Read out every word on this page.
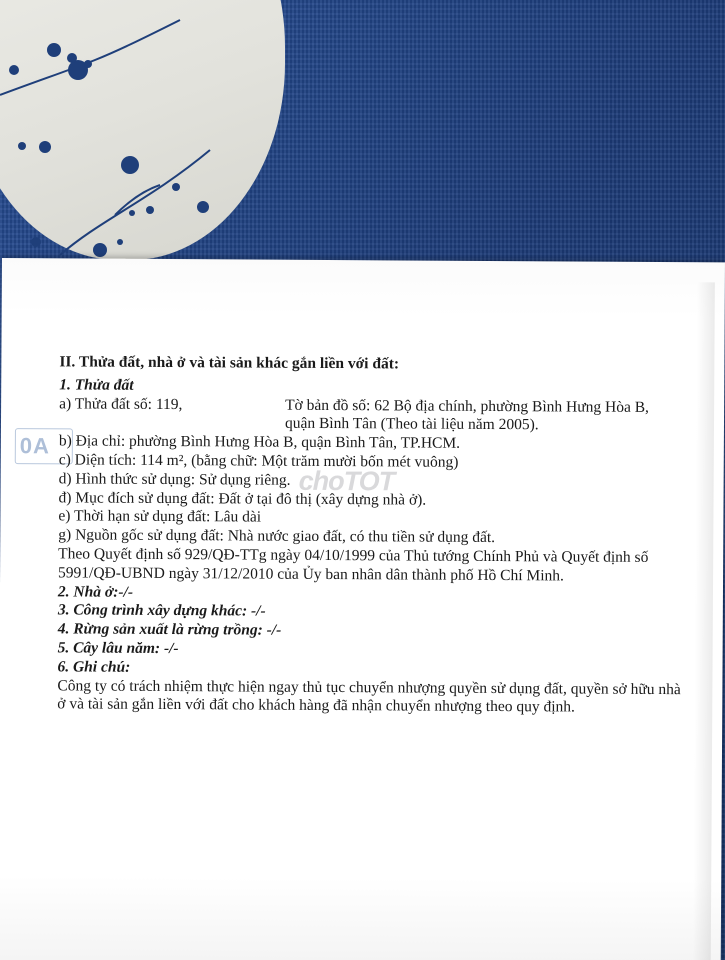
0A
choTOT
II. Thửa đất, nhà ở và tài sản khác gắn liền với đất:
1. Thửa đất
a) Thửa đất số: 119,	Tờ bản đồ số: 62 Bộ địa chính, phường Bình Hưng Hòa B,
quận Bình Tân (Theo tài liệu năm 2005).
b) Địa chỉ: phường Bình Hưng Hòa B, quận Bình Tân, TP.HCM.
c) Diện tích: 114 m², (bằng chữ: Một trăm mười bốn mét vuông)
d) Hình thức sử dụng: Sử dụng riêng.
đ) Mục đích sử dụng đất: Đất ở tại đô thị (xây dựng nhà ở).
e) Thời hạn sử dụng đất: Lâu dài
g) Nguồn gốc sử dụng đất: Nhà nước giao đất, có thu tiền sử dụng đất.
Theo Quyết định số 929/QĐ-TTg ngày 04/10/1999 của Thủ tướng Chính Phủ và Quyết định số
5991/QĐ-UBND ngày 31/12/2010 của Ủy ban nhân dân thành phố Hồ Chí Minh.
2. Nhà ở:-/-
3. Công trình xây dựng khác: -/-
4. Rừng sản xuất là rừng trồng: -/-
5. Cây lâu năm: -/-
6. Ghi chú:
Công ty có trách nhiệm thực hiện ngay thủ tục chuyển nhượng quyền sử dụng đất, quyền sở hữu nhà
ở và tài sản gắn liền với đất cho khách hàng đã nhận chuyển nhượng theo quy định.
